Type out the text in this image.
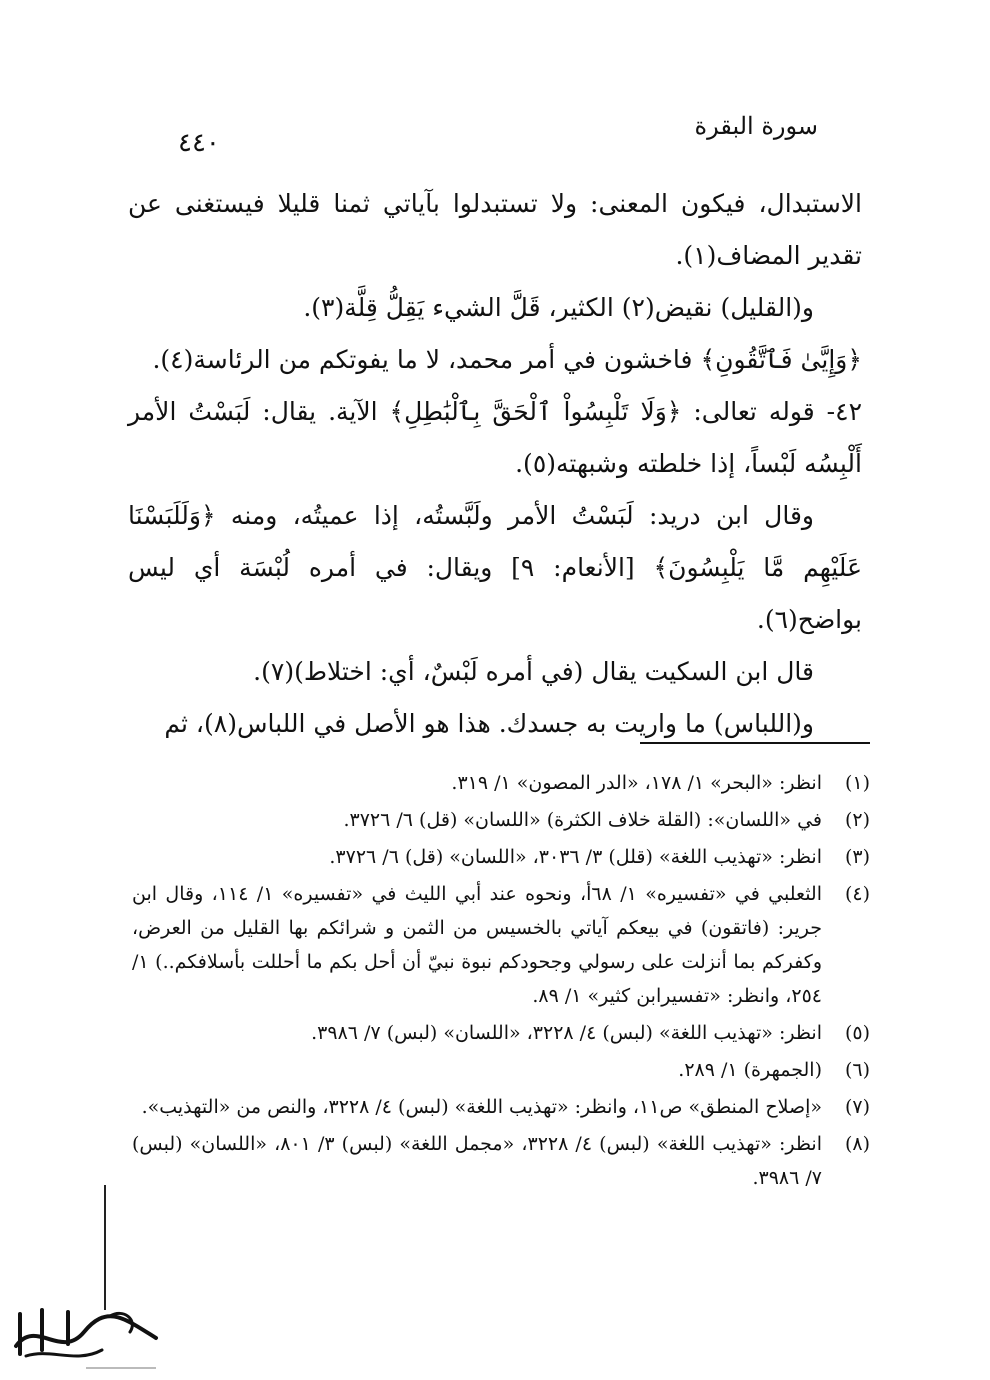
سورة البقرة
٤٤٠

الاستبدال، فيكون المعنى: ولا تستبدلوا بآياتي ثمنا قليلا فيستغنى عن تقدير المضاف(١).

و(القليل) نقيض(٢) الكثير، قَلَّ الشيء يَقِلُّ قِلَّة(٣).

﴿وَإِيَّىٰ فَٱتَّقُونِ﴾ فاخشون في أمر محمد، لا ما يفوتكم من الرئاسة(٤).

٤٢- قوله تعالى: ﴿وَلَا تَلْبِسُواْ ٱلْحَقَّ بِٱلْبَٰطِلِ﴾ الآية. يقال: لَبَسْتُ الأمر أَلْبِسُه لَبْساً، إذا خلطته وشبهته(٥).

وقال ابن دريد: لَبَسْتُ الأمر ولَبَّستُه، إذا عميتُه، ومنه ﴿وَلَلَبَسْنَا عَلَيْهِم مَّا يَلْبِسُونَ﴾ [الأنعام: ٩] ويقال: في أمره لُبْسَة أي ليس بواضح(٦).

قال ابن السكيت يقال (في أمره لَبْسٌ، أي: اختلاط)(٧).

و(اللباس) ما واريت به جسدك. هذا هو الأصل في اللباس(٨)، ثم

(١)
انظر: «البحر» ١/ ١٧٨، «الدر المصون» ١/ ٣١٩.
(٢)
في «اللسان»: (القلة خلاف الكثرة) «اللسان» (قل) ٦/ ٣٧٢٦.
(٣)
انظر: «تهذيب اللغة» (قلل) ٣/ ٣٠٣٦، «اللسان» (قل) ٦/ ٣٧٢٦.
(٤)
الثعلبي في «تفسيره» ١/ ٦٨أ، ونحوه عند أبي الليث في «تفسيره» ١/ ١١٤، وقال ابن جرير: (فاتقون) في بيعكم آياتي بالخسيس من الثمن و شرائكم بها القليل من العرض، وكفركم بما أنزلت على رسولي وجحودكم نبوة نبيّ أن أحل بكم ما أحللت بأسلافكم..) ١/ ٢٥٤، وانظر: «تفسيرابن كثير» ١/ ٨٩.
(٥)
انظر: «تهذيب اللغة» (لبس) ٤/ ٣٢٢٨، «اللسان» (لبس) ٧/ ٣٩٨٦.
(٦)
(الجمهرة) ١/ ٢٨٩.
(٧)
«إصلاح المنطق» ص١١، وانظر: «تهذيب اللغة» (لبس) ٤/ ٣٢٢٨، والنص من «التهذيب».
(٨)
انظر: «تهذيب اللغة» (لبس) ٤/ ٣٢٢٨، «مجمل اللغة» (لبس) ٣/ ٨٠١، «اللسان» (لبس) ٧/ ٣٩٨٦.
